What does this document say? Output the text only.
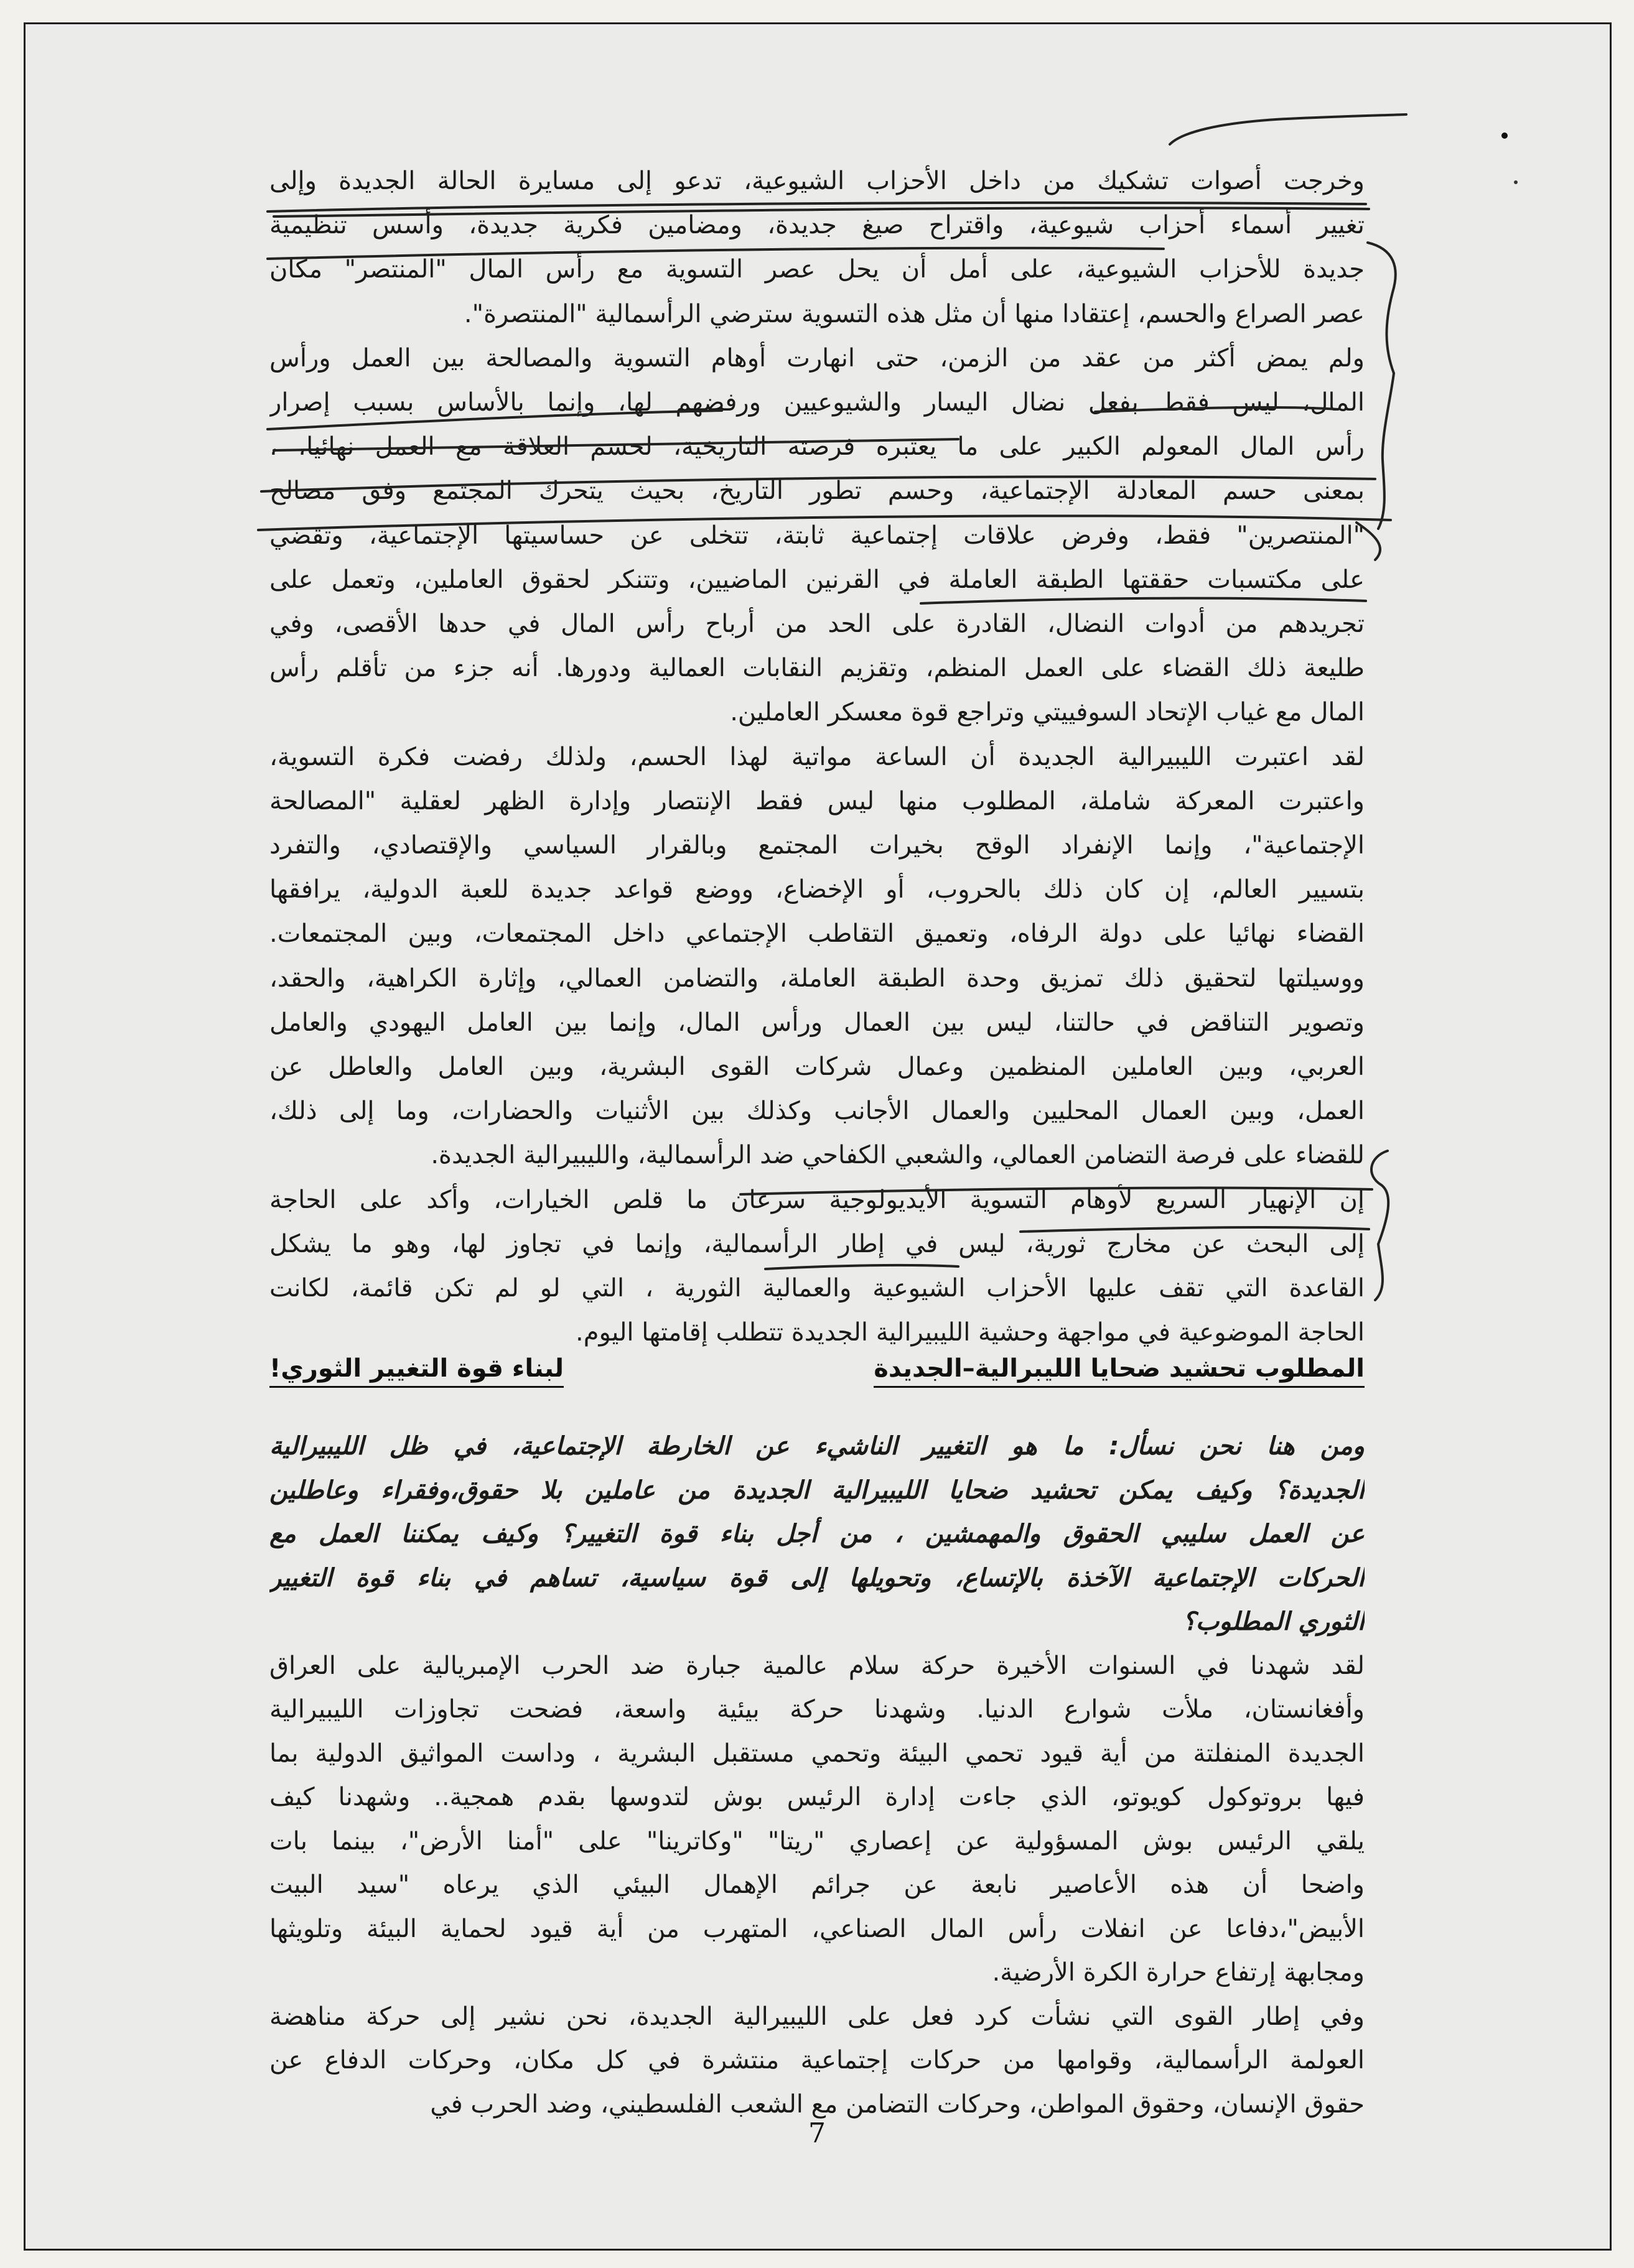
وخرجت أصوات تشكيك من داخل الأحزاب الشيوعية، تدعو إلى مسايرة الحالة الجديدة وإلى
تغيير أسماء أحزاب شيوعية، واقتراح صيغ جديدة، ومضامين فكرية جديدة، وأسس تنظيمية
جديدة للأحزاب الشيوعية، على أمل أن يحل عصر التسوية مع رأس المال "المنتصر" مكان
عصر الصراع والحسم، إعتقادا منها أن مثل هذه التسوية سترضي الرأسمالية "المنتصرة".
ولم يمض أكثر من عقد من الزمن، حتى انهارت أوهام التسوية والمصالحة بين العمل ورأس
المال، ليس فقط بفعل نضال اليسار والشيوعيين ورفضهم لها، وإنما بالأساس بسبب إصرار
رأس المال المعولم الكبير على ما يعتبره فرصته التاريخية، لحسم العلاقة مع العمل نهائيا، ،
بمعنى حسم المعادلة الإجتماعية، وحسم تطور التاريخ، بحيث يتحرك المجتمع وفق مصالح
"المنتصرين" فقط، وفرض علاقات إجتماعية ثابتة، تتخلى عن حساسيتها الإجتماعية، وتقضي
على مكتسبات حققتها الطبقة العاملة في القرنين الماضيين، وتتنكر لحقوق العاملين، وتعمل على
تجريدهم من أدوات النضال، القادرة على الحد من أرباح رأس المال في حدها الأقصى، وفي
طليعة ذلك القضاء على العمل المنظم، وتقزيم النقابات العمالية ودورها. أنه جزء من تأقلم رأس
المال مع غياب الإتحاد السوفييتي وتراجع قوة معسكر العاملين.
لقد اعتبرت الليبيرالية الجديدة أن الساعة مواتية لهذا الحسم، ولذلك رفضت فكرة التسوية،
واعتبرت المعركة شاملة، المطلوب منها ليس فقط الإنتصار وإدارة الظهر لعقلية "المصالحة
الإجتماعية"، وإنما الإنفراد الوقح بخيرات المجتمع وبالقرار السياسي والإقتصادي، والتفرد
بتسيير العالم، إن كان ذلك بالحروب، أو الإخضاع، ووضع قواعد جديدة للعبة الدولية، يرافقها
القضاء نهائيا على دولة الرفاه، وتعميق التقاطب الإجتماعي داخل المجتمعات، وبين المجتمعات.
ووسيلتها لتحقيق ذلك تمزيق وحدة الطبقة العاملة، والتضامن العمالي، وإثارة الكراهية، والحقد،
وتصوير التناقض في حالتنا، ليس بين العمال ورأس المال، وإنما بين العامل اليهودي والعامل
العربي، وبين العاملين المنظمين وعمال شركات القوى البشرية، وبين العامل والعاطل عن
العمل، وبين العمال المحليين والعمال الأجانب وكذلك بين الأثنيات والحضارات، وما إلى ذلك،
للقضاء على فرصة التضامن العمالي، والشعبي الكفاحي ضد الرأسمالية، والليبيرالية الجديدة.
إن الإنهيار السريع لأوهام التسوية الأيديولوجية سرعان ما قلص الخيارات، وأكد على الحاجة
إلى البحث عن مخارج ثورية، ليس في إطار الرأسمالية، وإنما في تجاوز لها، وهو ما يشكل
القاعدة التي تقف عليها الأحزاب الشيوعية والعمالية الثورية ، التي لو لم تكن قائمة، لكانت
الحاجة الموضوعية في مواجهة وحشية الليبيرالية الجديدة تتطلب إقامتها اليوم.
المطلوب تحشيد ضحايا الليبرالية–الجديدة
لبناء قوة التغيير الثوري!
ومن هنا نحن نسأل: ما هو التغيير الناشيء عن الخارطة الإجتماعية، في ظل الليبيرالية
الجديدة؟ وكيف يمكن تحشيد ضحايا الليبيرالية الجديدة من عاملين بلا حقوق،وفقراء وعاطلين
عن العمل سليبي الحقوق والمهمشين ، من أجل بناء قوة التغيير؟ وكيف يمكننا العمل مع
الحركات الإجتماعية الآخذة بالإتساع، وتحويلها إلى قوة سياسية، تساهم في بناء قوة التغيير
الثوري المطلوب؟
لقد شهدنا في السنوات الأخيرة حركة سلام عالمية جبارة ضد الحرب الإمبريالية على العراق
وأفغانستان، ملأت شوارع الدنيا. وشهدنا حركة بيئية واسعة، فضحت تجاوزات الليبيرالية
الجديدة المنفلتة من أية قيود تحمي البيئة وتحمي مستقبل البشرية ، وداست المواثيق الدولية بما
فيها بروتوكول كويوتو، الذي جاءت إدارة الرئيس بوش لتدوسها بقدم همجية.. وشهدنا كيف
يلقي الرئيس بوش المسؤولية عن إعصاري "ريتا" "وكاترينا" على "أمنا الأرض"، بينما بات
واضحا أن هذه الأعاصير نابعة عن جرائم الإهمال البيئي الذي يرعاه "سيد البيت
الأبيض"،دفاعا عن انفلات رأس المال الصناعي، المتهرب من أية قيود لحماية البيئة وتلويثها
ومجابهة إرتفاع حرارة الكرة الأرضية.
وفي إطار القوى التي نشأت كرد فعل على الليبيرالية الجديدة، نحن نشير إلى حركة مناهضة
العولمة الرأسمالية، وقوامها من حركات إجتماعية منتشرة في كل مكان، وحركات الدفاع عن
حقوق الإنسان، وحقوق المواطن، وحركات التضامن مع الشعب الفلسطيني، وضد الحرب في
7
